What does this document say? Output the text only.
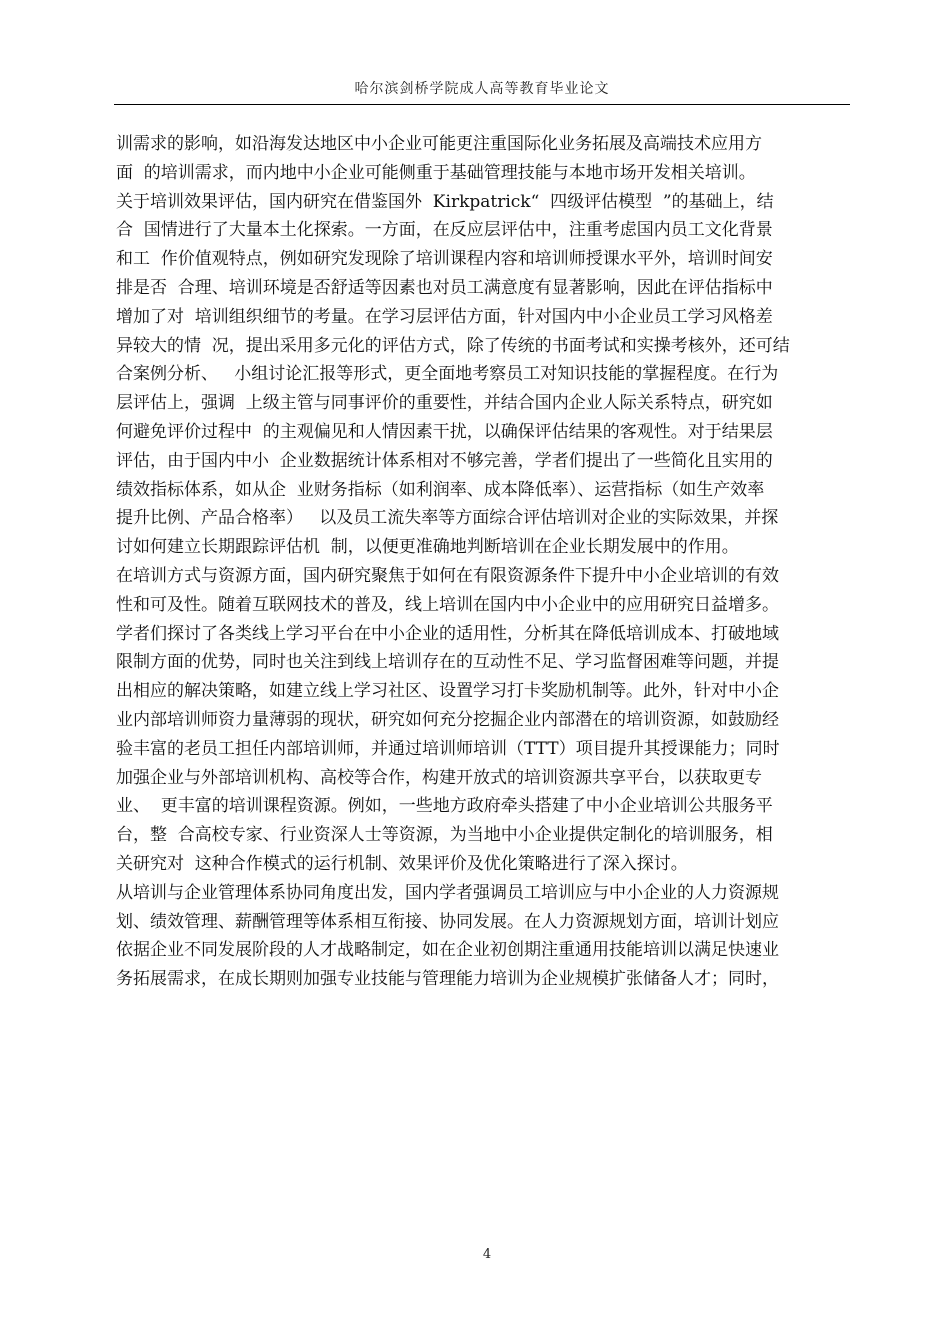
哈尔滨剑桥学院成人高等教育毕业论文
训需求的影响，如沿海发达地区中小企业可能更注重国际化业务拓展及高端技术应用方
面  的培训需求，而内地中小企业可能侧重于基础管理技能与本地市场开发相关培训。
关于培训效果评估，国内研究在借鉴国外  Kirkpatrick“  四级评估模型  ”的基础上，结
合  国情进行了大量本土化探索。一方面，在反应层评估中，注重考虑国内员工文化背景
和工  作价值观特点，例如研究发现除了培训课程内容和培训师授课水平外，培训时间安
排是否  合理、培训环境是否舒适等因素也对员工满意度有显著影响，因此在评估指标中
增加了对  培训组织细节的考量。在学习层评估方面，针对国内中小企业员工学习风格差
异较大的情  况，提出采用多元化的评估方式，除了传统的书面考试和实操考核外，还可结
合案例分析、   小组讨论汇报等形式，更全面地考察员工对知识技能的掌握程度。在行为
层评估上，强调  上级主管与同事评价的重要性，并结合国内企业人际关系特点，研究如
何避免评价过程中  的主观偏见和人情因素干扰，以确保评估结果的客观性。对于结果层
评估，由于国内中小  企业数据统计体系相对不够完善，学者们提出了一些简化且实用的
绩效指标体系，如从企  业财务指标（如利润率、成本降低率）、运营指标（如生产效率
提升比例、产品合格率）   以及员工流失率等方面综合评估培训对企业的实际效果，并探
讨如何建立长期跟踪评估机  制，以便更准确地判断培训在企业长期发展中的作用。
在培训方式与资源方面，国内研究聚焦于如何在有限资源条件下提升中小企业培训的有效
性和可及性。随着互联网技术的普及，线上培训在国内中小企业中的应用研究日益增多。
学者们探讨了各类线上学习平台在中小企业的适用性，分析其在降低培训成本、打破地域
限制方面的优势，同时也关注到线上培训存在的互动性不足、学习监督困难等问题，并提
出相应的解决策略，如建立线上学习社区、设置学习打卡奖励机制等。此外，针对中小企
业内部培训师资力量薄弱的现状，研究如何充分挖掘企业内部潜在的培训资源，如鼓励经
验丰富的老员工担任内部培训师，并通过培训师培训（TTT）项目提升其授课能力；同时
加强企业与外部培训机构、高校等合作，构建开放式的培训资源共享平台，以获取更专
业、  更丰富的培训课程资源。例如，一些地方政府牵头搭建了中小企业培训公共服务平
台，整  合高校专家、行业资深人士等资源，为当地中小企业提供定制化的培训服务，相
关研究对  这种合作模式的运行机制、效果评价及优化策略进行了深入探讨。
从培训与企业管理体系协同角度出发，国内学者强调员工培训应与中小企业的人力资源规
划、绩效管理、薪酬管理等体系相互衔接、协同发展。在人力资源规划方面，培训计划应
依据企业不同发展阶段的人才战略制定，如在企业初创期注重通用技能培训以满足快速业
务拓展需求，在成长期则加强专业技能与管理能力培训为企业规模扩张储备人才；同时，
4
